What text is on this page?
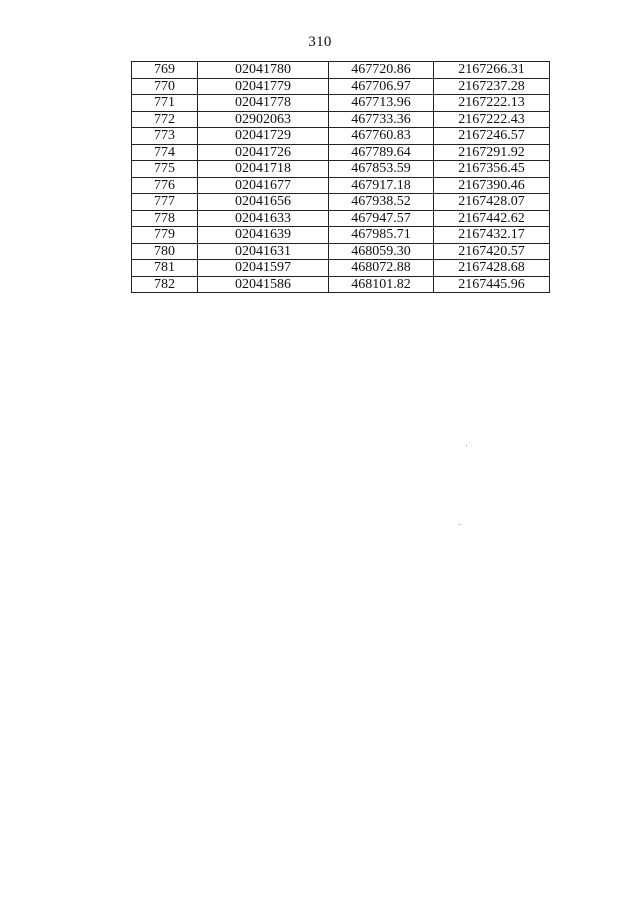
310
769	02041780	467720.86	2167266.31
770	02041779	467706.97	2167237.28
771	02041778	467713.96	2167222.13
772	02902063	467733.36	2167222.43
773	02041729	467760.83	2167246.57
774	02041726	467789.64	2167291.92
775	02041718	467853.59	2167356.45
776	02041677	467917.18	2167390.46
777	02041656	467938.52	2167428.07
778	02041633	467947.57	2167442.62
779	02041639	467985.71	2167432.17
780	02041631	468059.30	2167420.57
781	02041597	468072.88	2167428.68
782	02041586	468101.82	2167445.96
